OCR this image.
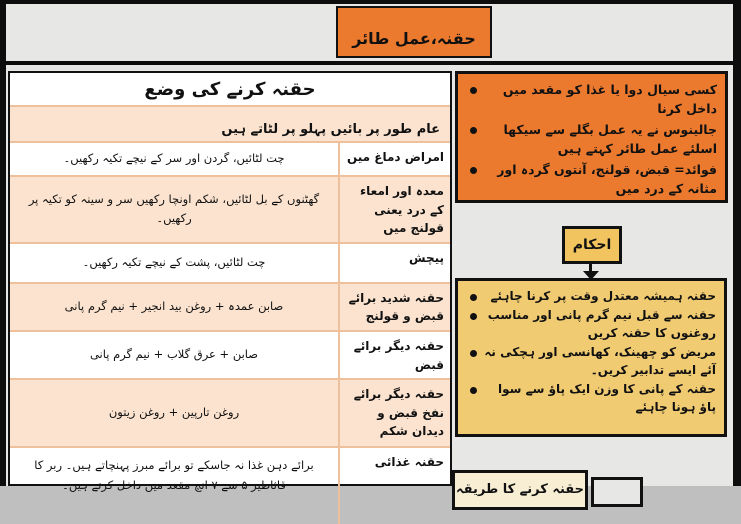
حقنہ،عمل طائر
حقنہ کرنے کی وضع
عام طور پر بائیں پہلو پر لٹاتے ہیں
امراض دماغ میں
چت لٹائیں، گردن اور سر کے نیچے تکیہ رکھیں۔
معدہ اور امعاء کے درد یعنی قولنج میں
گھٹنوں کے بل لٹائیں، شکم اونچا رکھیں سر و سینہ کو تکیہ پر رکھیں۔
پیچش
چت لٹائیں، پشت کے نیچے تکیہ رکھیں۔
حقنہ شدید برائے قبض و قولنج
صابن عمدہ + روغن بید انجیر + نیم گرم پانی
حقنہ دیگر برائے قبض
صابن + عرق گلاب + نیم گرم پانی
حقنہ دیگر برائے نفخ قبض و دیدان شکم
روغن تارپین + روغن زیتون
حقنہ غذائی
برائے دہن غذا نہ جاسکے تو برائے مبرز پہنچاتے ہیں۔ ربر کا قاثاطیر ۵ سے ۷ انچ مقعد میں داخل کرتے ہیں۔
کسی سیال دوا یا غذا کو مقعد میں داخل کرنا
جالینوس نے یہ عمل بگلے سے سیکھا اسلئے عمل طائر کہتے ہیں
فوائد= قبض، قولنج، آنتوں گردہ اور مثانہ کے درد میں
احکام
حقنہ ہمیشہ معتدل وقت پر کرنا چاہئے
حقنہ سے قبل نیم گرم پانی اور مناسب روغنوں کا حقنہ کریں
مریض کو چھینک، کھانسی اور ہچکی نہ آئے ایسے تدابیر کریں۔
حقنہ کے پانی کا وزن ایک پاؤ سے سوا پاؤ ہونا چاہئے
حقنہ کرنے کا طریقہ
